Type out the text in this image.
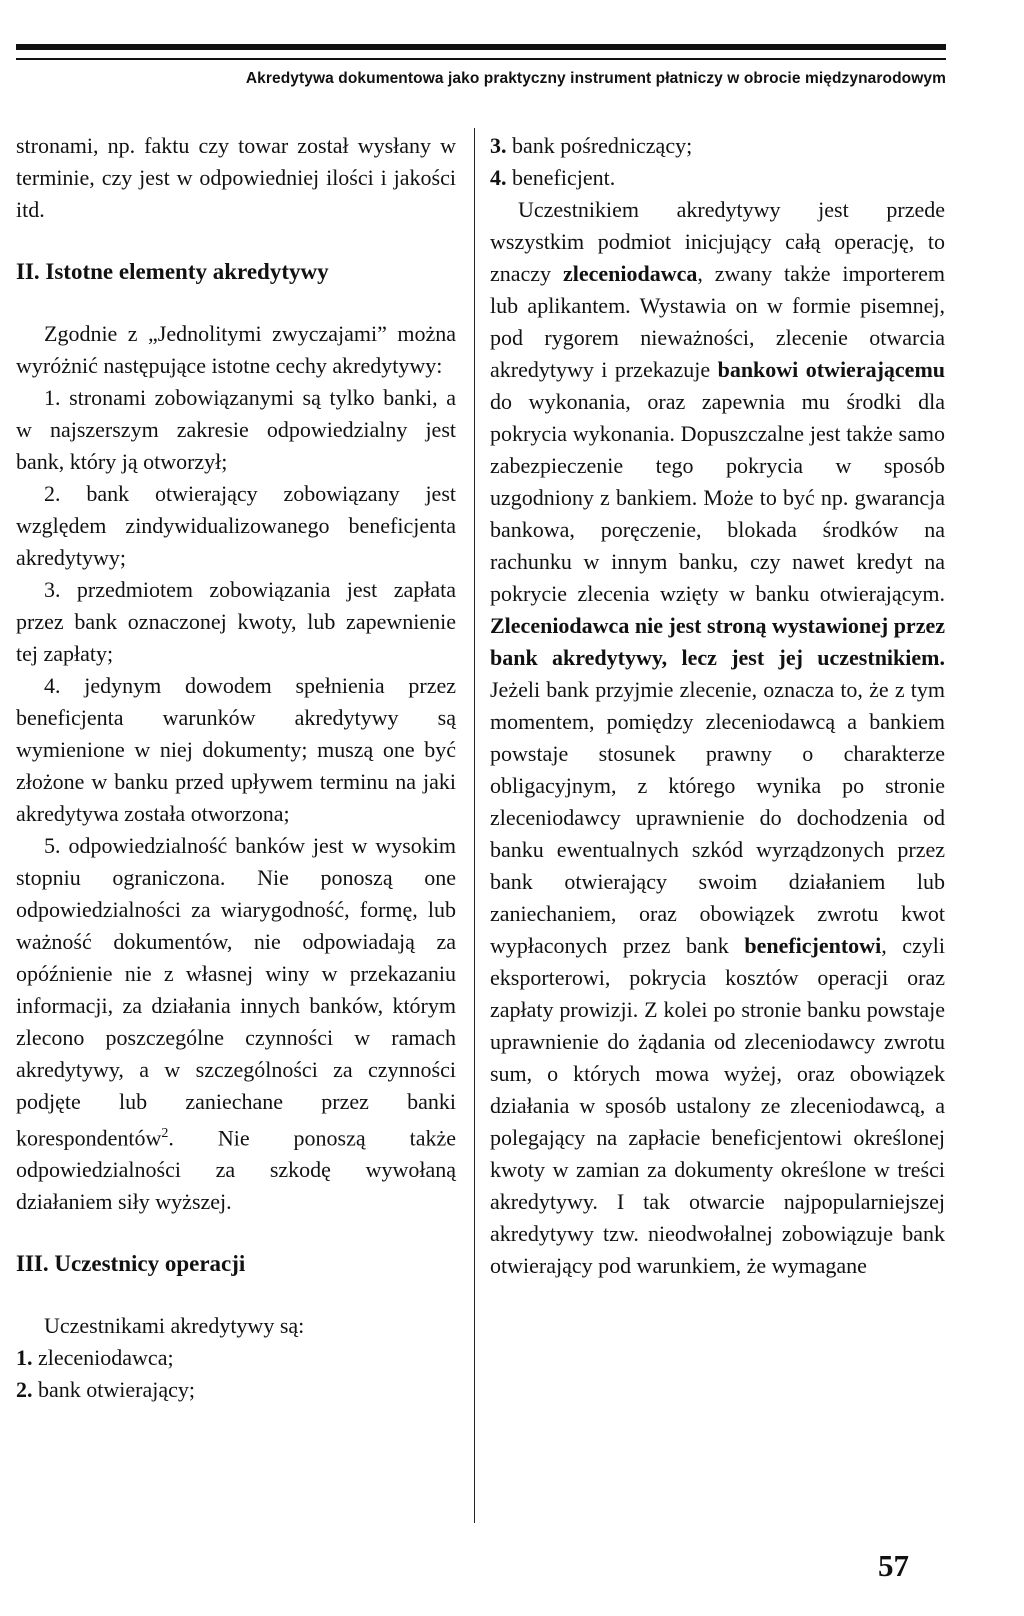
Akredytywa dokumentowa jako praktyczny instrument płatniczy w obrocie międzynarodowym

stronami, np. faktu czy towar został wysłany w terminie, czy jest w odpowiedniej ilości i jakości itd.

II. Istotne elementy akredytywy

Zgodnie z „Jednolitymi zwyczajami” można wyróżnić następujące istotne cechy akredytywy:

1. stronami zobowiązanymi są tylko banki, a w najszerszym zakresie odpowiedzialny jest bank, który ją otworzył;

2. bank otwierający zobowiązany jest względem zindywidualizowanego beneficjenta akredytywy;

3. przedmiotem zobowiązania jest zapłata przez bank oznaczonej kwoty, lub zapewnienie tej zapłaty;

4. jedynym dowodem spełnienia przez beneficjenta warunków akredytywy są wymienione w niej dokumenty; muszą one być złożone w banku przed upływem terminu na jaki akredytywa została otworzona;

5. odpowiedzialność banków jest w wysokim stopniu ograniczona. Nie ponoszą one odpowiedzialności za wiarygodność, formę, lub ważność dokumentów, nie odpowiadają za opóźnienie nie z własnej winy w przekazaniu informacji, za działania innych banków, którym zlecono poszczególne czynności w ramach akredytywy, a w szczególności za czynności podjęte lub zaniechane przez banki korespondentów$^2$. Nie ponoszą także odpowiedzialności za szkodę wywołaną działaniem siły wyższej.

III. Uczestnicy operacji

Uczestnikami akredytywy są:

1. zleceniodawca;

2. bank otwierający;

3. bank pośredniczący;

4. beneficjent.

Uczestnikiem akredytywy jest przede wszystkim podmiot inicjujący całą operację, to znaczy zleceniodawca, zwany także importerem lub aplikantem. Wystawia on w formie pisemnej, pod rygorem nieważności, zlecenie otwarcia akredytywy i przekazuje bankowi otwierającemu do wykonania, oraz zapewnia mu środki dla pokrycia wykonania. Dopuszczalne jest także samo zabezpieczenie tego pokrycia w sposób uzgodniony z bankiem. Może to być np. gwarancja bankowa, poręczenie, blokada środków na rachunku w innym banku, czy nawet kredyt na pokrycie zlecenia wzięty w banku otwierającym. Zleceniodawca nie jest stroną wystawionej przez bank akredytywy, lecz jest jej uczestnikiem. Jeżeli bank przyjmie zlecenie, oznacza to, że z tym momentem, pomiędzy zleceniodawcą a bankiem powstaje stosunek prawny o charakterze obligacyjnym, z którego wynika po stronie zleceniodawcy uprawnienie do dochodzenia od banku ewentualnych szkód wyrządzonych przez bank otwierający swoim działaniem lub zaniechaniem, oraz obowiązek zwrotu kwot wypłaconych przez bank beneficjentowi, czyli eksporterowi, pokrycia kosztów operacji oraz zapłaty prowizji. Z kolei po stronie banku powstaje uprawnienie do żądania od zleceniodawcy zwrotu sum, o których mowa wyżej, oraz obowiązek działania w sposób ustalony ze zleceniodawcą, a polegający na zapłacie beneficjentowi określonej kwoty w zamian za dokumenty określone w treści akredytywy. I tak otwarcie najpopularniejszej akredytywy tzw. nieodwołalnej zobowiązuje bank otwierający pod warunkiem, że wymagane

57
